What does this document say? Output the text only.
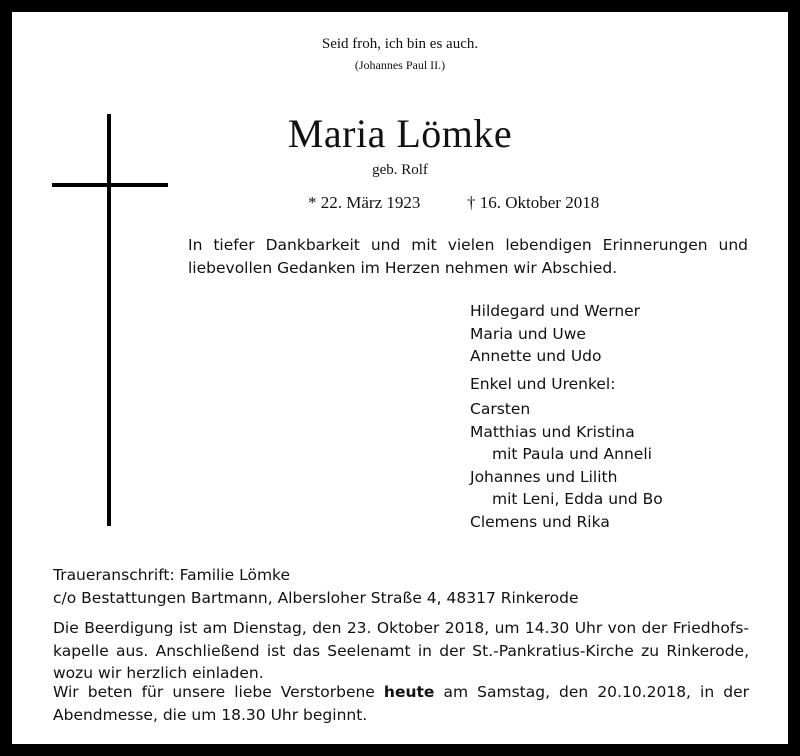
Seid froh, ich bin es auch.
(Johannes Paul II.)
Maria Lömke
geb. Rolf
* 22. März 1923	† 16. Oktober 2018

In tiefer Dankbarkeit und mit vielen lebendigen Erinnerungen und liebevollen Gedanken im Herzen nehmen wir Abschied.

Hildegard und Werner
Maria und Uwe
Annette und Udo
Enkel und Urenkel:
Carsten
Matthias und Kristina
mit Paula und Anneli
Johannes und Lilith
mit Leni, Edda und Bo
Clemens und Rika

Traueranschrift: Familie Lömke

c/o Bestattungen Bartmann, Albersloher Straße 4, 48317 Rinkerode

Die Beerdigung ist am Dienstag, den 23. Oktober 2018, um 14.30 Uhr von der Friedhofskapelle aus. Anschließend ist das Seelenamt in der St.-Pankratius-Kirche zu Rinkerode, wozu wir herzlich einladen.

Wir beten für unsere liebe Verstorbene heute am Samstag, den 20.10.2018, in der Abendmesse, die um 18.30 Uhr beginnt.
